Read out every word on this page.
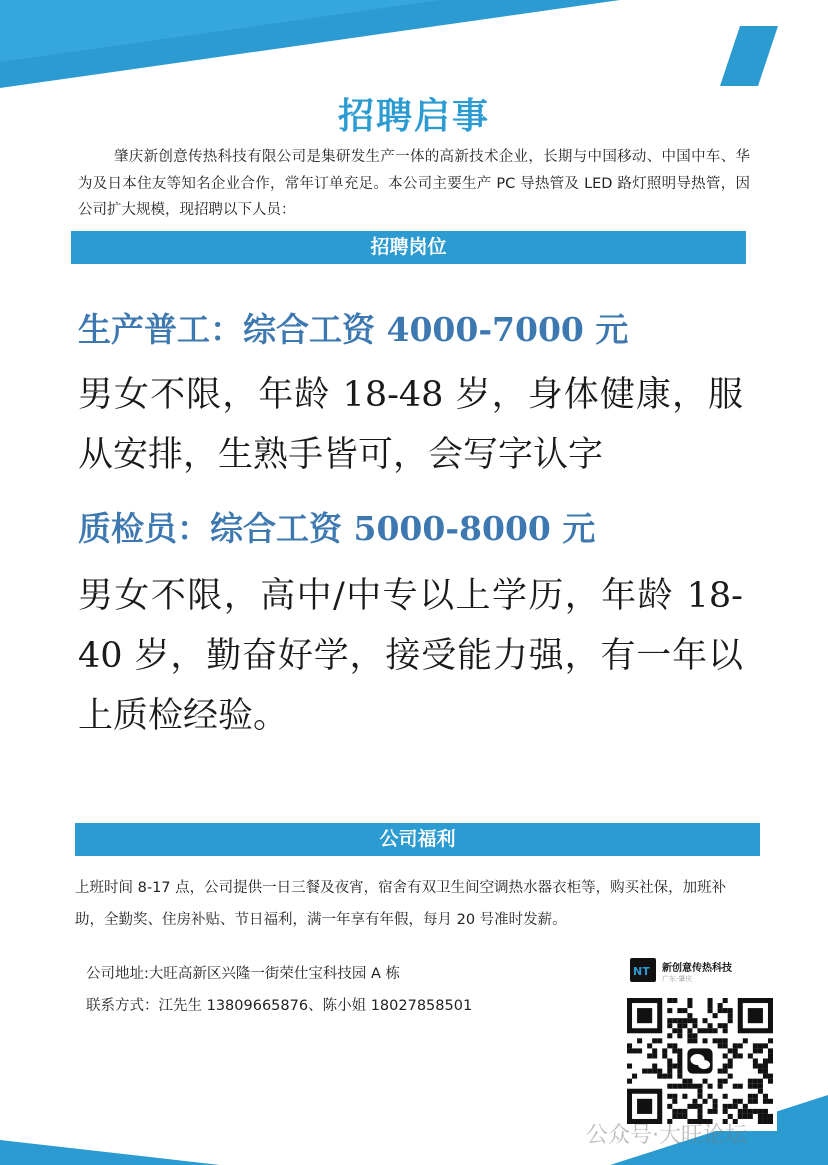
招聘启事
肇庆新创意传热科技有限公司是集研发生产一体的高新技术企业，长期与中国移动、中国中车、华为及日本住友等知名企业合作，常年订单充足。本公司主要生产 PC 导热管及 LED 路灯照明导热管，因公司扩大规模，现招聘以下人员：
招聘岗位
生产普工：综合工资 4000-7000 元
男女不限，年龄 18-48 岁，身体健康，服从安排，生熟手皆可，会写字认字
质检员：综合工资 5000-8000 元
男女不限，高中/中专以上学历，年龄 18-40 岁，勤奋好学，接受能力强，有一年以上质检经验。
公司福利
上班时间 8-17 点，公司提供一日三餐及夜宵，宿舍有双卫生间空调热水器衣柜等，购买社保，加班补助，全勤奖、住房补贴、节日福利，满一年享有年假，每月 20 号准时发薪。
公司地址:大旺高新区兴隆一街荣仕宝科技园 A 栋
联系方式：江先生 13809665876、陈小姐 18027858501
NT 新创意传热科技
广东·肇庆
公众号·大旺论坛
